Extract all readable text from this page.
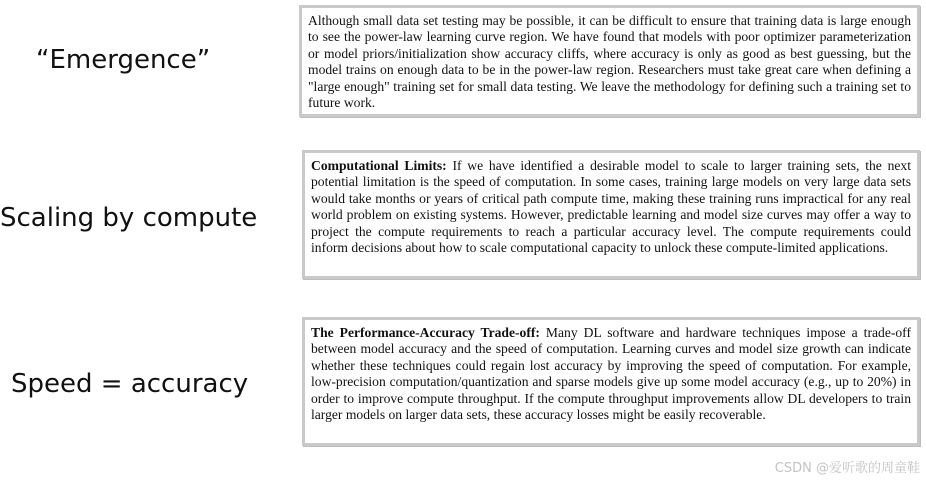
“Emergence”
Scaling by compute
Speed = accuracy
Although small data set testing may be possible, it can be difficult to ensure that training data is large enough to see the power-law learning curve region. We have found that models with poor optimizer parameterization or model priors/initialization show accuracy cliffs, where accuracy is only as good as best guessing, but the model trains on enough data to be in the power-law region. Researchers must take great care when defining a "large enough" training set for small data testing. We leave the methodology for defining such a training set to future work.
Computational Limits: If we have identified a desirable model to scale to larger training sets, the next potential limitation is the speed of computation. In some cases, training large models on very large data sets would take months or years of critical path compute time, making these training runs impractical for any real world problem on existing systems. However, predictable learning and model size curves may offer a way to project the compute requirements to reach a particular accuracy level. The compute requirements could inform decisions about how to scale computational capacity to unlock these compute-limited applications.
The Performance-Accuracy Trade-off: Many DL software and hardware techniques impose a trade-off between model accuracy and the speed of computation. Learning curves and model size growth can indicate whether these techniques could regain lost accuracy by improving the speed of computation. For example, low-precision computation/quantization and sparse models give up some model accuracy (e.g., up to 20%) in order to improve compute throughput. If the compute throughput improvements allow DL developers to train larger models on larger data sets, these accuracy losses might be easily recoverable.
CSDN @爱听歌的周童鞋
